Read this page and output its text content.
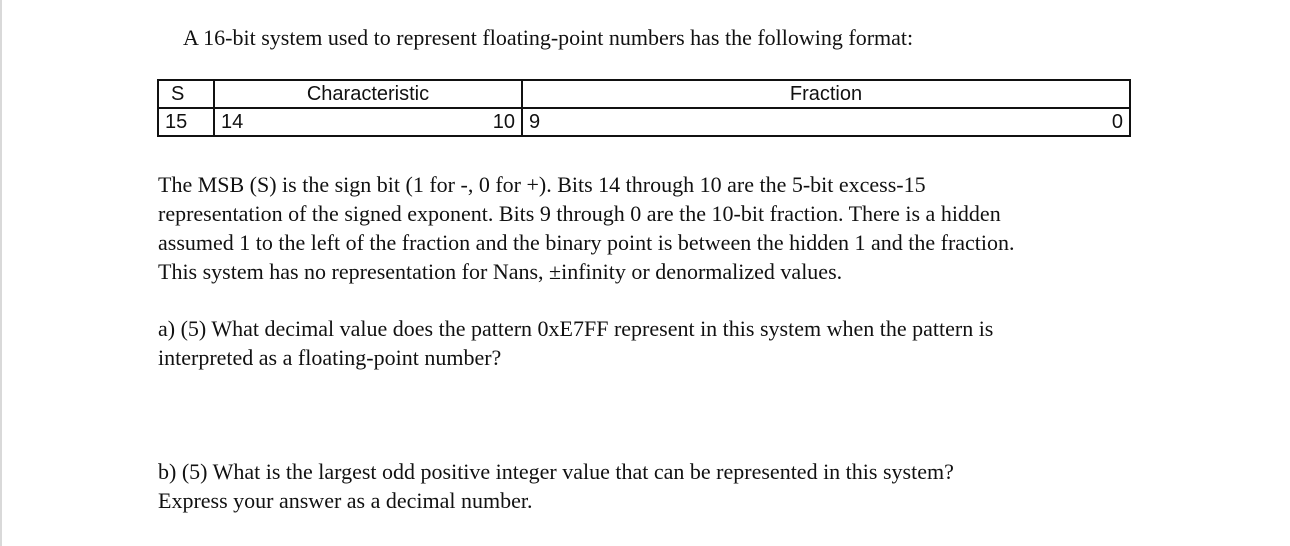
A 16-bit system used to represent floating-point numbers has the following format:
S	Characteristic	Fraction

15	14 10	9 0
The MSB (S) is the sign bit (1 for -, 0 for +). Bits 14 through 10 are the 5-bit excess-15
representation of the signed exponent. Bits 9 through 0 are the 10-bit fraction. There is a hidden
assumed 1 to the left of the fraction and the binary point is between the hidden 1 and the fraction.
This system has no representation for Nans, ±infinity or denormalized values.
a) (5) What decimal value does the pattern 0xE7FF represent in this system when the pattern is
interpreted as a floating-point number?
b) (5) What is the largest odd positive integer value that can be represented in this system?
Express your answer as a decimal number.
